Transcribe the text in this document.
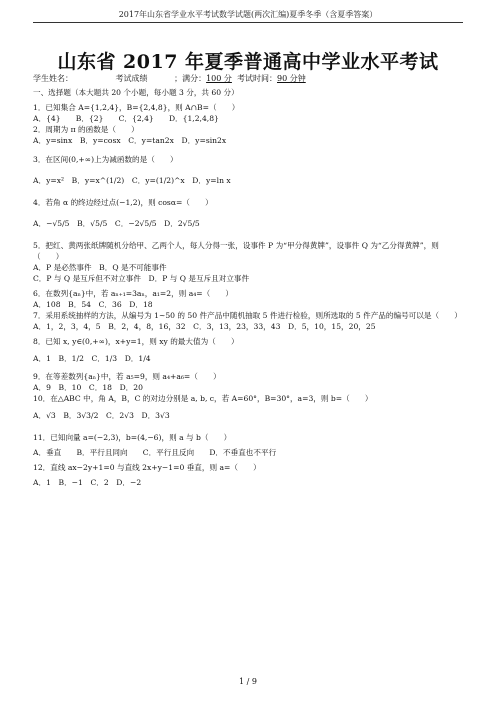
2017年山东省学业水平考试数学试题(两次汇编)夏季冬季（含夏季答案）
山东省 2017 年夏季普通高中学业水平考试
学生姓名：     	考试成绩   	；满分：100 分 考试时间：90 分钟
一、选择题（本大题共 20 个小题，每小题 3 分，共 60 分）
1．已知集合 A={1,2,4}，B={2,4,8}，则 A∩B=（　　）
A．{4}　　B．{2}　　C．{2,4}　　D．{1,2,4,8}
2．周期为 π 的函数是（　　）
A．y=sinx　B．y=cosx　C．y=tan2x　D．y=sin2x
3．在区间(0,+∞)上为减函数的是（　　）
A．y=x²　B．y=x^(1/2)　C．y=(1/2)^x　D．y=ln x
4．若角 α 的终边经过点(−1,2)，则 cosα=（　　）
A．−√5/5　B．√5/5　C．−2√5/5　D．2√5/5
5．把红、黄两张纸牌随机分给甲、乙两个人，每人分得一张，设事件 P 为“甲分得黄牌”，设事件 Q 为“乙分得黄牌”，则（　　）
A．P 是必然事件　B．Q 是不可能事件
C．P 与 Q 是互斥但不对立事件　D．P 与 Q 是互斥且对立事件
6．在数列{aₙ}中，若 aₙ₊₁=3aₙ，a₁=2，则 a₄=（　　）
A．108　B．54　C．36　D．18
7．采用系统抽样的方法，从编号为 1~50 的 50 件产品中随机抽取 5 件进行检验，则所选取的 5 件产品的编号可以是（　　）
A．1，2，3，4，5　B．2，4，8，16，32　C．3，13，23，33，43　D．5，10，15，20，25
8．已知 x, y∈(0,+∞)，x+y=1，则 xy 的最大值为（　　）
A．1　B．1/2　C．1/3　D．1/4
9．在等差数列{aₙ}中，若 a₅=9，则 a₄+a₆=（　　）
A．9　B．10　C．18　D．20
10．在△ABC 中，角 A，B，C 的对边分别是 a, b, c，若 A=60°，B=30°，a=3，则 b=（　　）
A．√3　B．3√3/2　C．2√3　D．3√3
11．已知向量 a=(−2,3)，b=(4,−6)，则 a 与 b（　　）
A．垂直　　B．平行且同向　　C．平行且反向　　D．不垂直也不平行
12．直线 ax−2y+1=0 与直线 2x+y−1=0 垂直，则 a=（　　）
A．1　B．−1　C．2　D．−2
1 / 9
